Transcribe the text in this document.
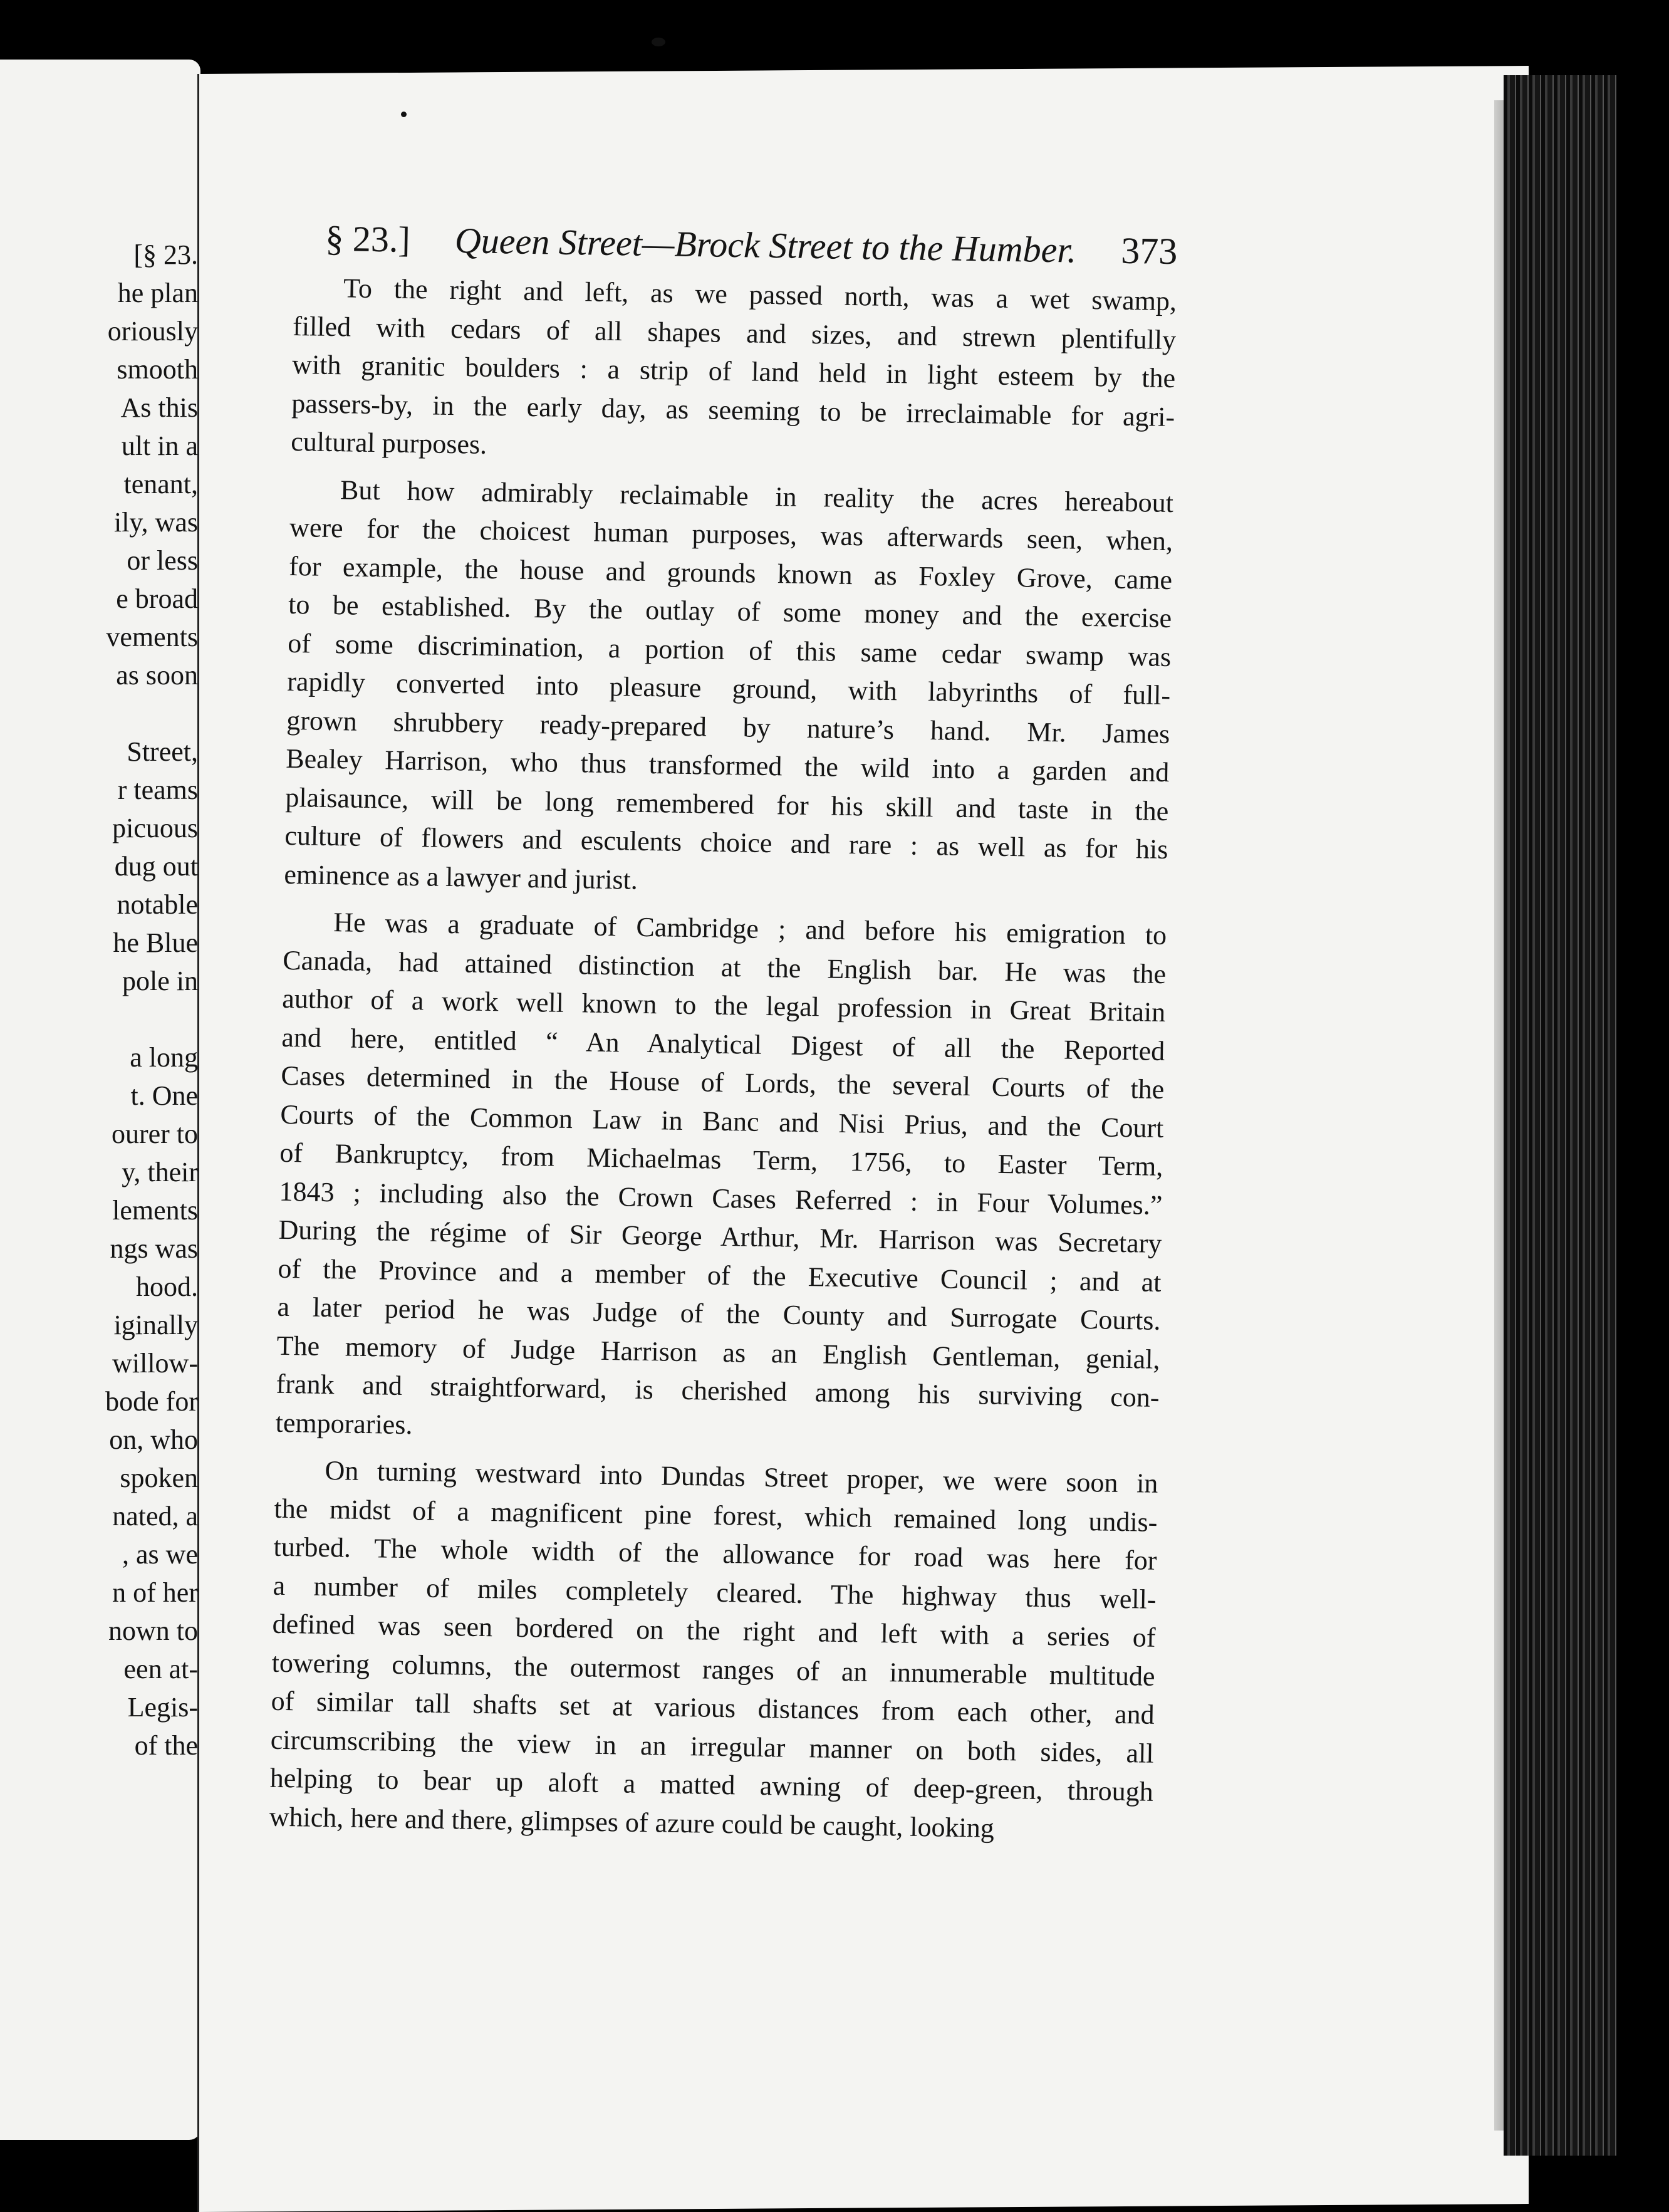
[§ 23.
he plan
oriously
smooth
As this
ult in a
tenant,
ily, was
or less
e broad
vements
as soon
Street,
r teams
picuous
dug out
notable
he Blue
pole in
a long
t. One
ourer to
y, their
lements
ngs was
hood.
iginally
willow-
bode for
on, who
spoken
nated, a
, as we
n of her
nown to
een at-
Legis-
of the
§ 23.] Queen Street—Brock Street to the Humber. 373
To the right and left, as we passed north, was a wet swamp,
filled with cedars of all shapes and sizes, and strewn plentifully
with granitic boulders : a strip of land held in light esteem by the
passers-by, in the early day, as seeming to be irreclaimable for agri-
cultural purposes.
But how admirably reclaimable in reality the acres hereabout
were for the choicest human purposes, was afterwards seen, when,
for example, the house and grounds known as Foxley Grove, came
to be established. By the outlay of some money and the exercise
of some discrimination, a portion of this same cedar swamp was
rapidly converted into pleasure ground, with labyrinths of full-
grown shrubbery ready-prepared by nature’s hand. Mr. James
Bealey Harrison, who thus transformed the wild into a garden and
plaisaunce, will be long remembered for his skill and taste in the
culture of flowers and esculents choice and rare : as well as for his
eminence as a lawyer and jurist.
He was a graduate of Cambridge ; and before his emigration to
Canada, had attained distinction at the English bar. He was the
author of a work well known to the legal profession in Great Britain
and here, entitled “ An Analytical Digest of all the Reported
Cases determined in the House of Lords, the several Courts of the
Courts of the Common Law in Banc and Nisi Prius, and the Court
of Bankruptcy, from Michaelmas Term, 1756, to Easter Term,
1843 ; including also the Crown Cases Referred : in Four Volumes.”
During the régime of Sir George Arthur, Mr. Harrison was Secretary
of the Province and a member of the Executive Council ; and at
a later period he was Judge of the County and Surrogate Courts.
The memory of Judge Harrison as an English Gentleman, genial,
frank and straightforward, is cherished among his surviving con-
temporaries.
On turning westward into Dundas Street proper, we were soon in
the midst of a magnificent pine forest, which remained long undis-
turbed. The whole width of the allowance for road was here for
a number of miles completely cleared. The highway thus well-
defined was seen bordered on the right and left with a series of
towering columns, the outermost ranges of an innumerable multitude
of similar tall shafts set at various distances from each other, and
circumscribing the view in an irregular manner on both sides, all
helping to bear up aloft a matted awning of deep-green, through
which, here and there, glimpses of azure could be caught, looking
